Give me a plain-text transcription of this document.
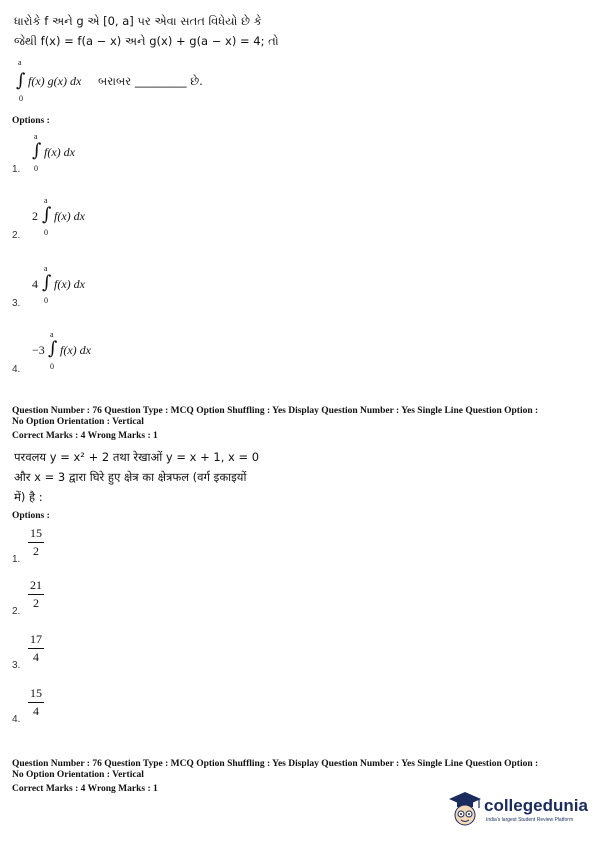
ધારોકે f અને g એ [0, a] પર એવા સતત વિધેયો છે કે
જેથી f(x) = f(a − x) અને g(x) + g(a − x) = 4; તો
a
∫
0
f(x) g(x) dx બરાબર _________ છે.
Options :
1.
a
∫
0
f(x) dx
2.
2
a
∫
0
f(x) dx
3.
4
a
∫
0
f(x) dx
4.
−3
a
∫
0
f(x) dx
Question Number : 76 Question Type : MCQ Option Shuffling : Yes Display Question Number : Yes Single Line Question Option :
No Option Orientation : Vertical
Correct Marks : 4 Wrong Marks : 1
परवलय y = x² + 2 तथा रेखाओं y = x + 1, x = 0
और x = 3 द्वारा घिरे हुए क्षेत्र का क्षेत्रफल (वर्ग इकाइयों
में) है :
Options :
1.
15
2
2.
21
2
3.
17
4
4.
15
4
Question Number : 76 Question Type : MCQ Option Shuffling : Yes Display Question Number : Yes Single Line Question Option :
No Option Orientation : Vertical
Correct Marks : 4 Wrong Marks : 1
collegedunia
India's largest Student Review Platform
